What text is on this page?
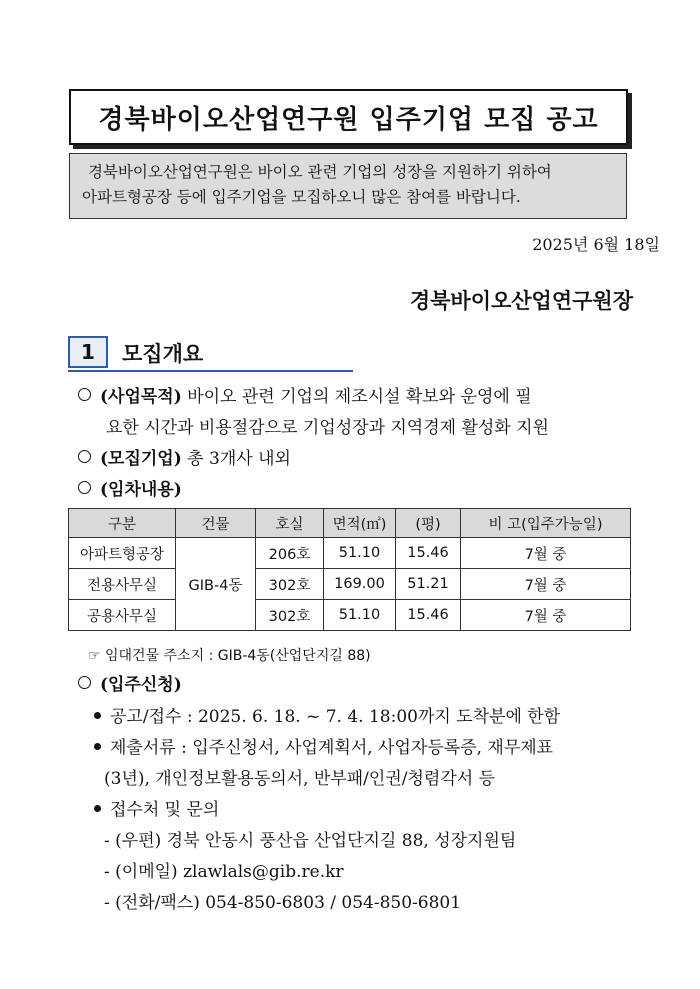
경북바이오산업연구원 입주기업 모집 공고
경북바이오산업연구원은 바이오 관련 기업의 성장을 지원하기 위하여
아파트형공장 등에 입주기업을 모집하오니 많은 참여를 바랍니다.
2025년 6월 18일
경북바이오산업연구원장
1	모집개요
(사업목적) 바이오 관련 기업의 제조시설 확보와 운영에 필
요한 시간과 비용절감으로 기업성장과 지역경제 활성화 지원
(모집기업) 총 3개사 내외
(임차내용)
구분	건물	호실	면적(㎡)	(평)	비 고(입주가능일)
아파트형공장	GIB-4동	206호	51.10	15.46	7월 중
전용사무실		302호	169.00	51.21	7월 중
공용사무실		302호	51.10	15.46	7월 중
☞ 임대건물 주소지 : GIB-4동(산업단지길 88)
(입주신청)
공고/접수 : 2025. 6. 18. ~ 7. 4. 18:00까지 도착분에 한함
제출서류 : 입주신청서, 사업계획서, 사업자등록증, 재무제표
(3년), 개인정보활용동의서, 반부패/인권/청렴각서 등
접수처 및 문의
- (우편) 경북 안동시 풍산읍 산업단지길 88, 성장지원팀
- (이메일) zlawlals@gib.re.kr
- (전화/팩스) 054-850-6803 / 054-850-6801
